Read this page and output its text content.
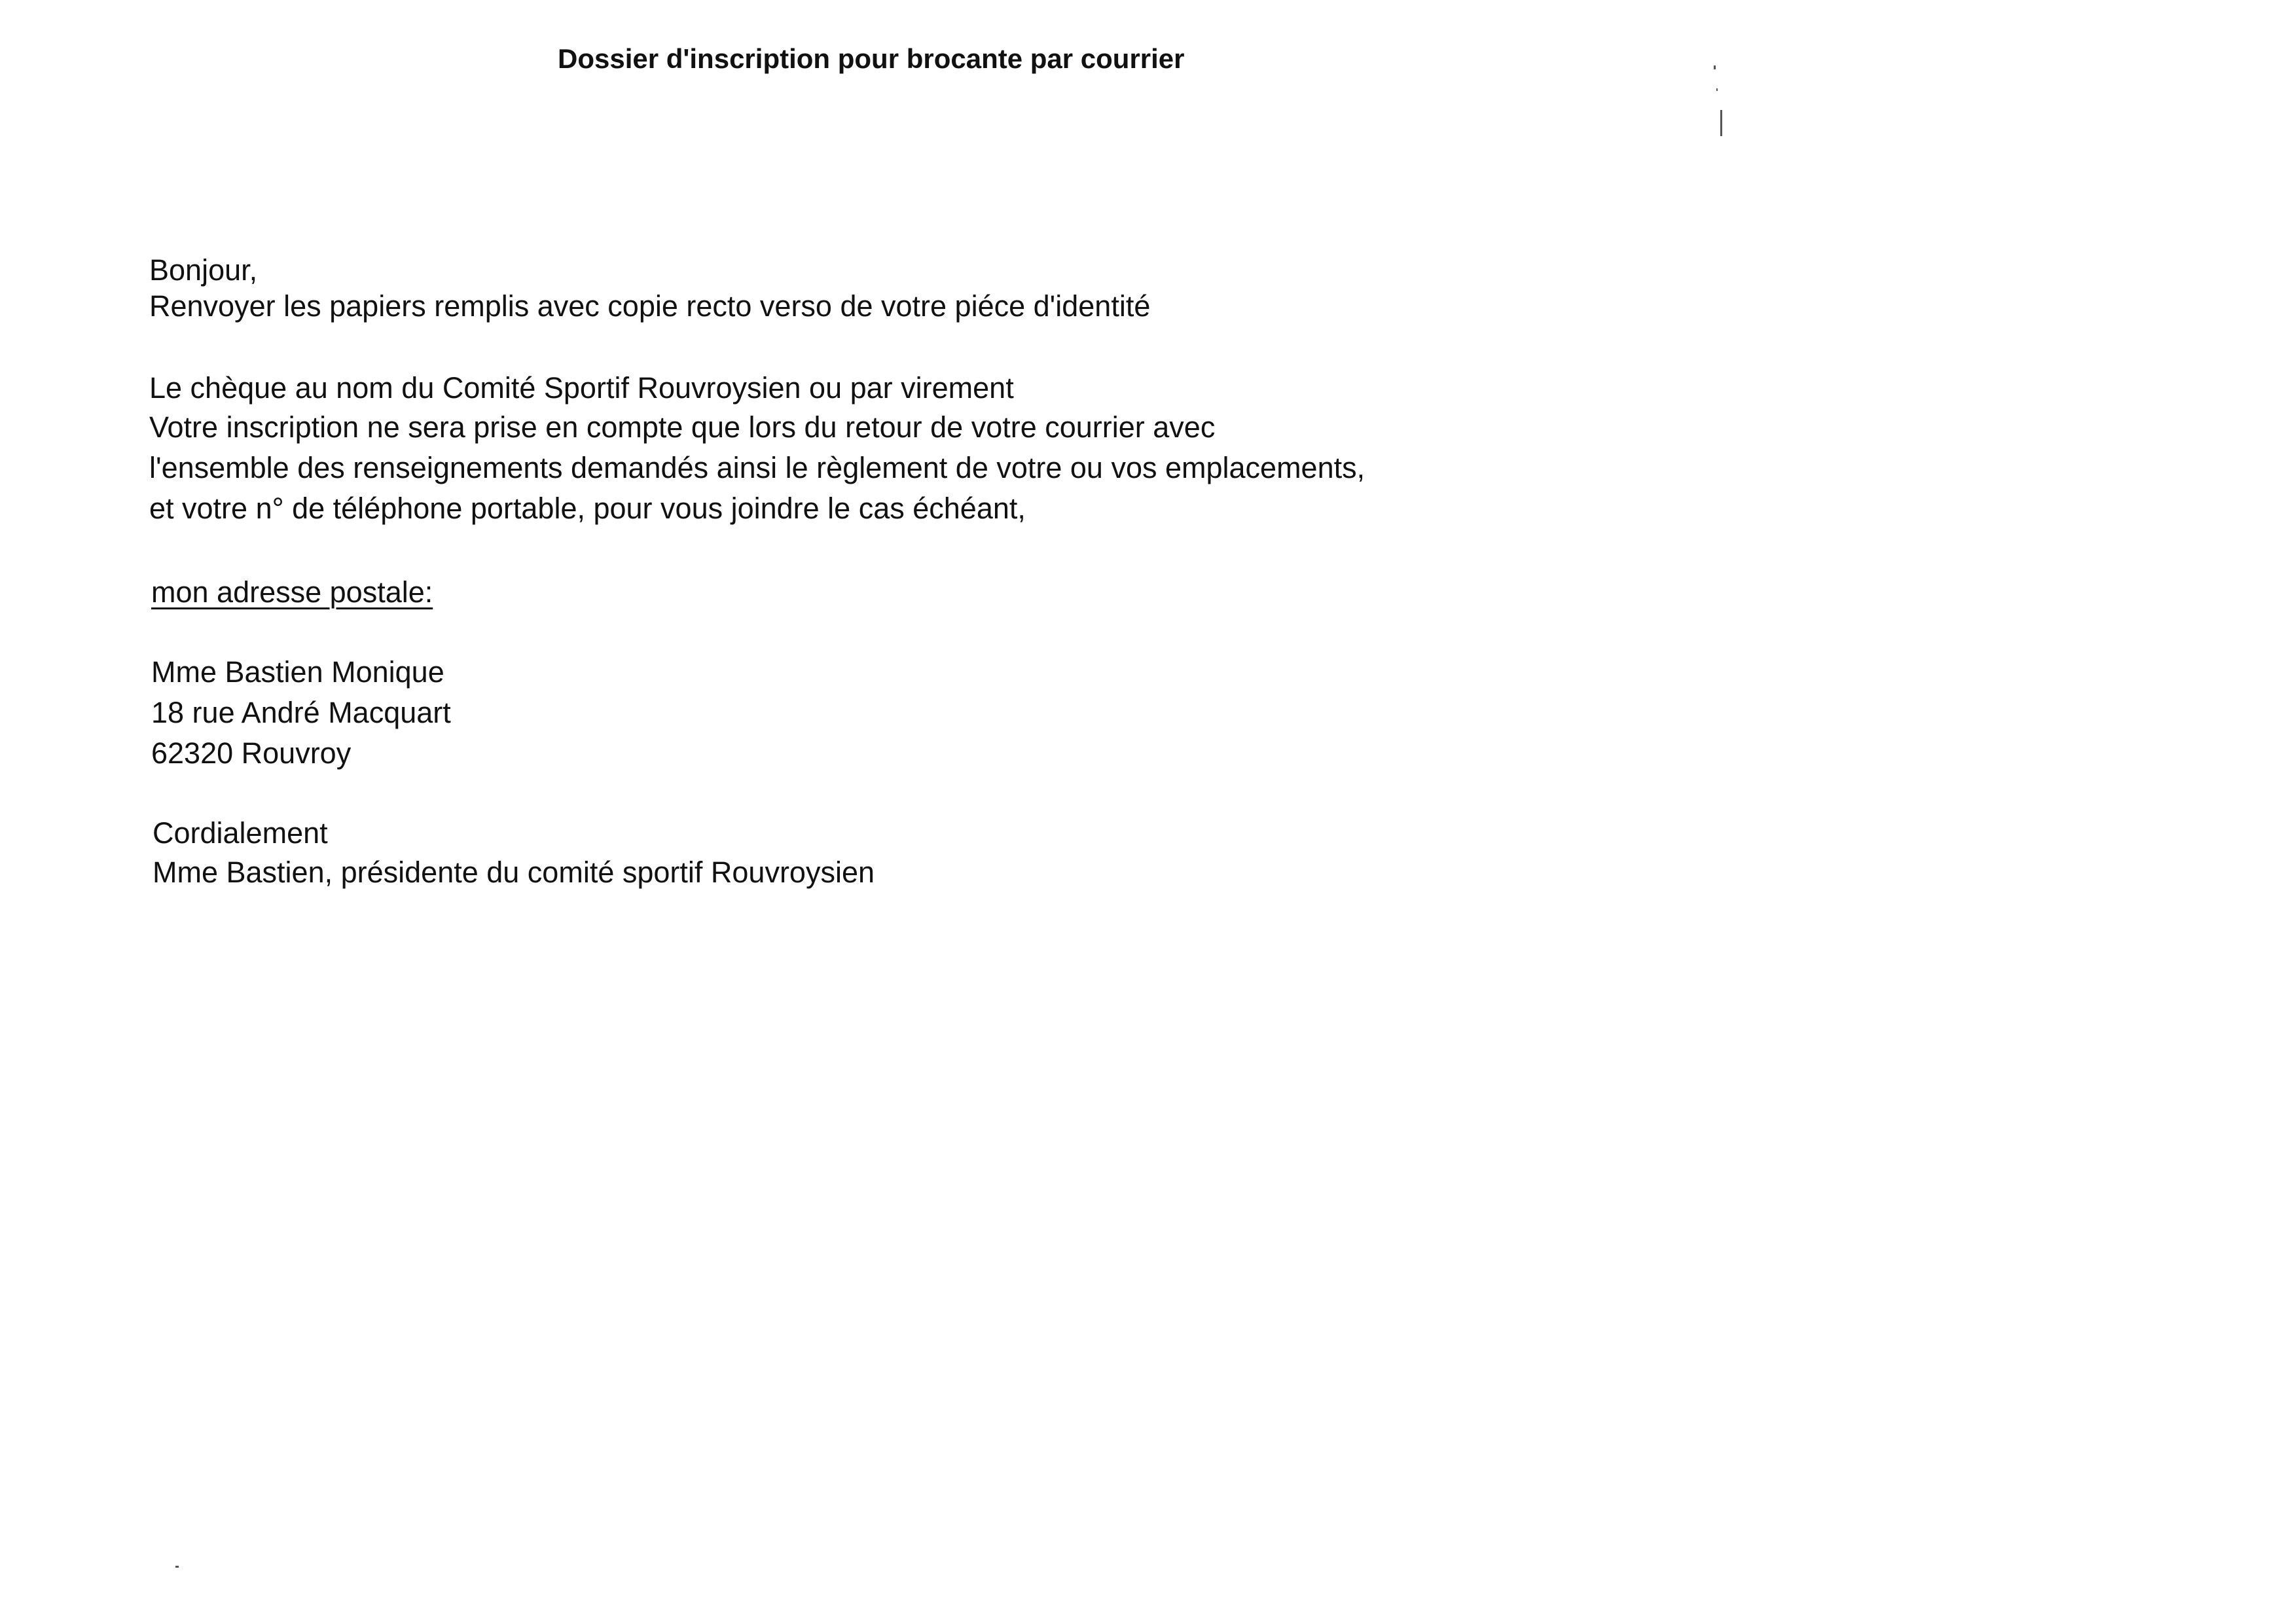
Dossier d'inscription pour brocante par courrier
Bonjour,
Renvoyer les papiers remplis avec copie recto verso de votre piéce d'identité
Le chèque au nom du Comité Sportif Rouvroysien ou par virement
Votre inscription ne sera prise en compte que lors du retour de votre courrier avec
l'ensemble des renseignements demandés ainsi le règlement de votre ou vos emplacements,
et votre n° de téléphone portable, pour vous joindre le cas échéant,
mon adresse postale:
Mme Bastien Monique
18 rue André Macquart
62320 Rouvroy
Cordialement
Mme Bastien, présidente du comité sportif Rouvroysien
